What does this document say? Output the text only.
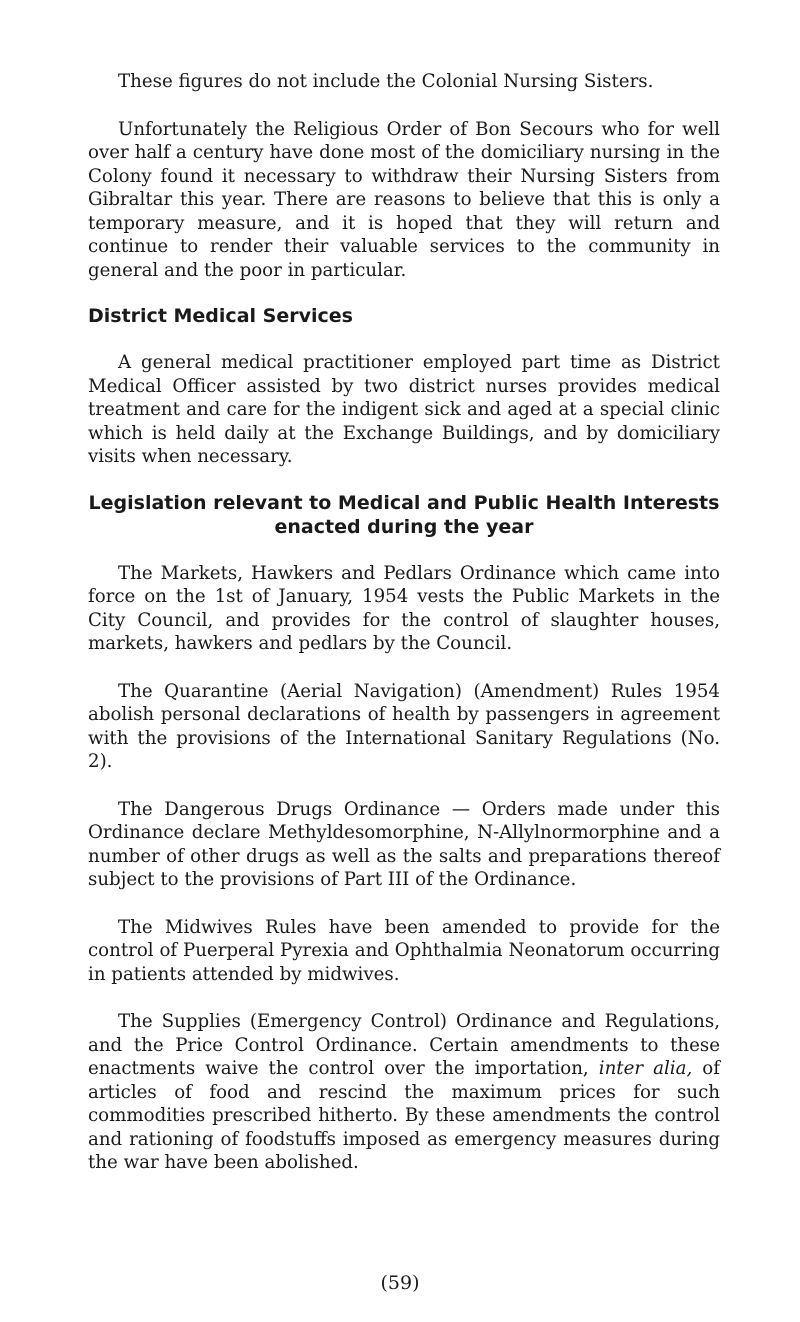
These figures do not include the Colonial Nursing Sisters.

Unfortunately the Religious Order of Bon Secours who for well over half a century have done most of the domiciliary nursing in the Colony found it necessary to withdraw their Nursing Sisters from Gibraltar this year. There are reasons to believe that this is only a temporary measure, and it is hoped that they will return and continue to render their valuable services to the community in general and the poor in particular.

District Medical Services

A general medical practitioner employed part time as District Medical Officer assisted by two district nurses provides medical treatment and care for the indigent sick and aged at a special clinic which is held daily at the Exchange Buildings, and by domiciliary visits when necessary.

Legislation relevant to Medical and Public Health Interests
enacted during the year

The Markets, Hawkers and Pedlars Ordinance which came into force on the 1st of January, 1954 vests the Public Markets in the City Council, and provides for the control of slaughter houses, markets, hawkers and pedlars by the Council.

The Quarantine (Aerial Navigation) (Amendment) Rules 1954 abolish personal declarations of health by passengers in agreement with the provisions of the International Sanitary Regulations (No. 2).

The Dangerous Drugs Ordinance — Orders made under this Ordinance declare Methyldesomorphine, N-Allylnormorphine and a number of other drugs as well as the salts and preparations thereof subject to the provisions of Part III of the Ordinance.

The Midwives Rules have been amended to provide for the control of Puerperal Pyrexia and Ophthalmia Neonatorum occurring in patients attended by midwives.

The Supplies (Emergency Control) Ordinance and Regulations, and the Price Control Ordinance. Certain amendments to these enactments waive the control over the importation, inter alia, of articles of food and rescind the maximum prices for such commodities prescribed hitherto. By these amendments the control and rationing of foodstuffs imposed as emergency measures during the war have been abolished.

(59)
